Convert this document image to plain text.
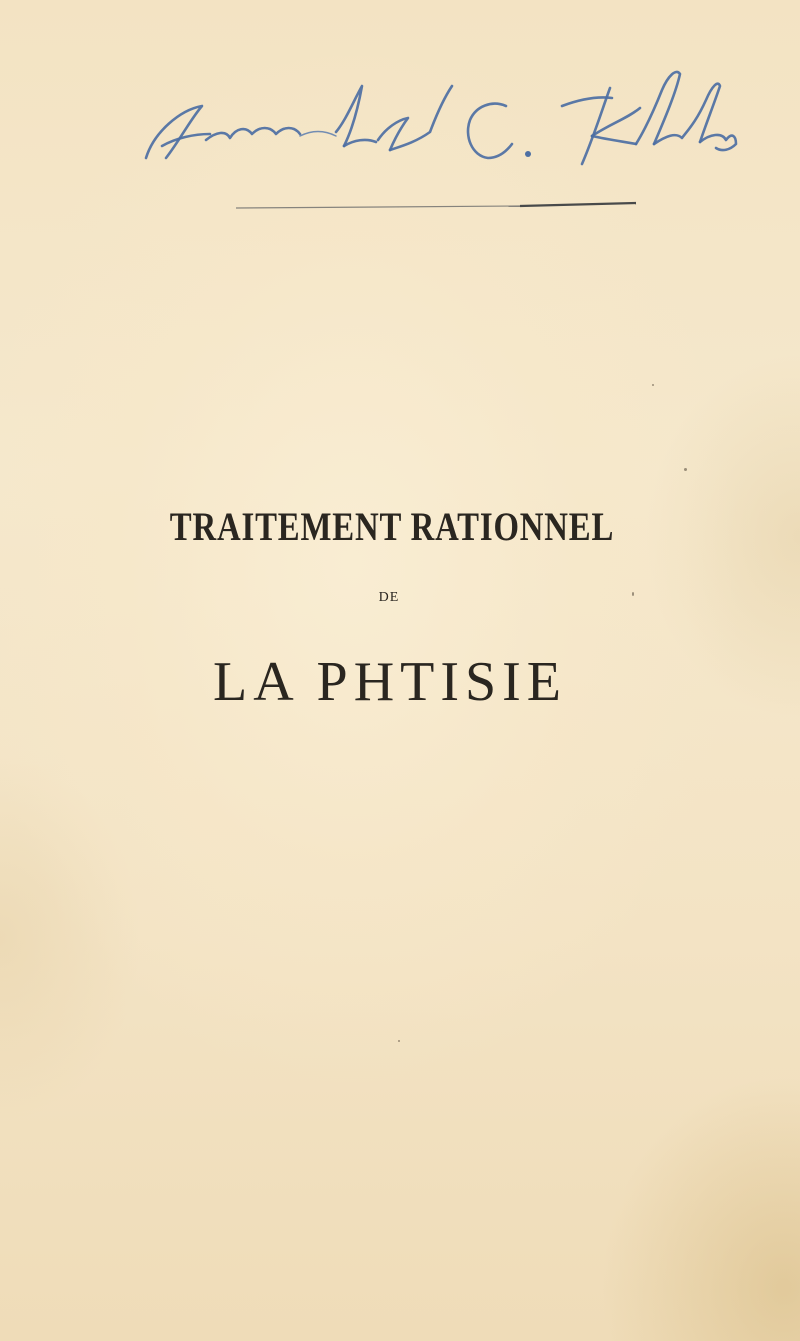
TRAITEMENT RATIONNEL
DE
LA PHTISIE
